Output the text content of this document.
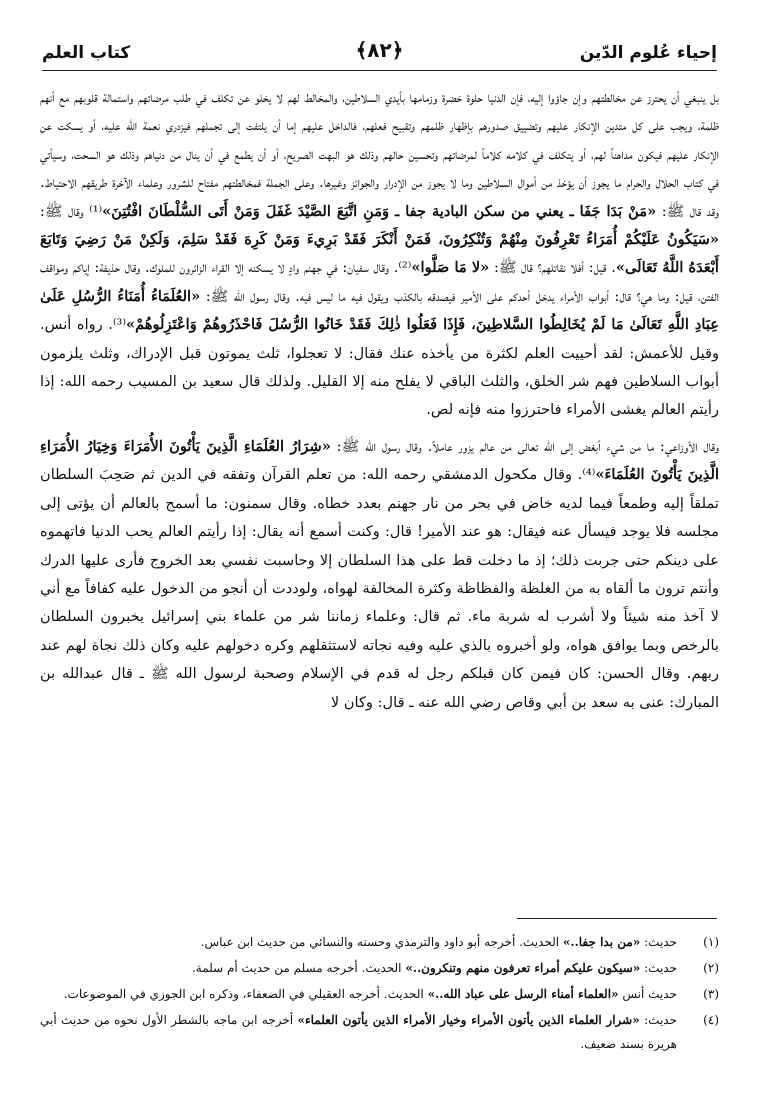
إحياء عُلوم الدّين
﴿٨٢﴾
كتاب العلم

بل ينبغي أن يحترز عن مخالطتهم وإن جاؤوا إليه، فإن الدنيا حلوة خضرة وزمامها بأيدي السلاطين، والمخالط لهم لا يخلو عن تكلف في طلب مرضاتهم واستمالة قلوبهم مع أنهم ظلمة، ويجب على كل متدين الإنكار عليهم وتضييق صدورهم بإظهار ظلمهم وتقبيح فعلهم، فالداخل عليهم إما أن يلتفت إلى تجملهم فيزدري نعمة الله عليه، أو يسكت عن الإنكار عليهم فيكون مداهناً لهم، أو يتكلف في كلامه كلاماً لمرضاتهم وتحسين حالهم وذلك هو البهت الصريح، أو أن يطمع في أن ينال من دنياهم وذلك هو السحت، وسيأتي في كتاب الحلال والحرام ما يجوز أن يؤخذ من أموال السلاطين وما لا يجوز من الإدرار والجوائز وغيرها. وعلى الجملة فمخالطتهم مفتاح للشرور وعلماء الآخرة طريقهم الاحتياط. وقد قال ﷺ: «مَنْ بَدَا جَفَا ـ يعني من سكن البادية جفا ـ وَمَنِ اتَّبَعَ الصَّيْدَ غَفَلَ وَمَنْ أَتَى السُّلْطَانَ افْتُتِنَ»⁽¹⁾ وقال ﷺ: «سَيَكُونُ عَلَيْكُمْ أُمَرَاءُ تَعْرِفُونَ مِنْهُمْ وَتُنْكِرُونَ، فَمَنْ أَنْكَرَ فَقَدْ بَرِيءَ وَمَنْ كَرِهَ فَقَدْ سَلِمَ، وَلَكِنْ مَنْ رَضِيَ وَتَابَعَ أَبْعَدَهُ اللَّهُ تَعَالَى». قيل: أفلا نقاتلهم؟ قال ﷺ: «لا مَا صَلَّوا»⁽²⁾. وقال سفيان: في جهنم وادٍ لا يسكنه إلا القراء الزائرون للملوك. وقال حذيفة: إياكم ومواقف الفتن، قيل: وما هي؟ قال: أبواب الأمراء يدخل أحدكم على الأمير فيصدقه بالكذب ويقول فيه ما ليس فيه. وقال رسول الله ﷺ: «العُلَمَاءُ أُمَنَاءُ الرُّسُلِ عَلَىٰ عِبَادِ اللَّهِ تَعَالَىٰ مَا لَمْ يُخَالِطُوا السَّلاطِينَ، فَإِذَا فَعَلُوا ذٰلِكَ فَقَدْ خَانُوا الرُّسُلَ فَاحْذَرُوهُمْ وَاعْتَزِلُوهُمْ»⁽³⁾. رواه أنس. وقيل للأعمش: لقد أحييت العلم لكثرة من يأخذه عنك فقال: لا تعجلوا، ثلث يموتون قبل الإدراك، وثلث يلزمون أبواب السلاطين فهم شر الخلق، والثلث الباقي لا يفلح منه إلا القليل. ولذلك قال سعيد بن المسيب رحمه الله: إذا رأيتم العالم يغشى الأمراء فاحترزوا منه فإنه لص.

وقال الأوزاعي: ما من شيء أبغض إلى الله تعالى من عالم يزور عاملاً. وقال رسول الله ﷺ: «شِرَارُ العُلَمَاءِ الَّذِينَ يَأْتُونَ الأُمَرَاءَ وَخِيَارُ الأُمَرَاءِ الَّذِينَ يَأْتُونَ العُلَمَاءَ»⁽⁴⁾. وقال مكحول الدمشقي رحمه الله: من تعلم القرآن وتفقه في الدين ثم صَحِبَ السلطان تملقاً إليه وطمعاً فيما لديه خاض في بحر من نار جهنم بعدد خطاه. وقال سمنون: ما أسمج بالعالم أن يؤتى إلى مجلسه فلا يوجد فيسأل عنه فيقال: هو عند الأمير! قال: وكنت أسمع أنه يقال: إذا رأيتم العالم يحب الدنيا فاتهموه على دينكم حتى جربت ذلك؛ إذ ما دخلت قط على هذا السلطان إلا وحاسبت نفسي بعد الخروج فأرى عليها الدرك وأنتم ترون ما ألقاه به من الغلظة والفظاظة وكثرة المخالفة لهواه، ولوددت أن أنجو من الدخول عليه كفافاً مع أني لا آخذ منه شيئاً ولا أشرب له شربة ماء. ثم قال: وعلماء زماننا شر من علماء بني إسرائيل يخبرون السلطان بالرخص وبما يوافق هواه، ولو أخبروه بالذي عليه وفيه نجاته لاستثقلهم وكره دخولهم عليه وكان ذلك نجاة لهم عند ربهم. وقال الحسن: كان فيمن كان قبلكم رجل له قدم في الإسلام وصحبة لرسول الله ﷺ ـ قال عبدالله بن المبارك: عنى به سعد بن أبي وقاص رضي الله عنه ـ قال: وكان لا

(١)
حديث: «من بدا جفا..» الحديث. أخرجه أبو داود والترمذي وحسنه والنسائي من حديث ابن عباس.
(٢)
حديث: «سيكون عليكم أمراء تعرفون منهم وتنكرون..» الحديث. أخرجه مسلم من حديث أم سلمة.
(٣)
حديث أنس «العلماء أمناء الرسل على عباد الله..» الحديث. أخرجه العقيلي في الضعفاء، وذكره ابن الجوزي في الموضوعات.
(٤)
حديث: «شرار العلماء الذين يأتون الأمراء وخيار الأمراء الذين يأتون العلماء» أخرجه ابن ماجه بالشطر الأول نحوه من حديث أبي هريرة بسند ضعيف.
